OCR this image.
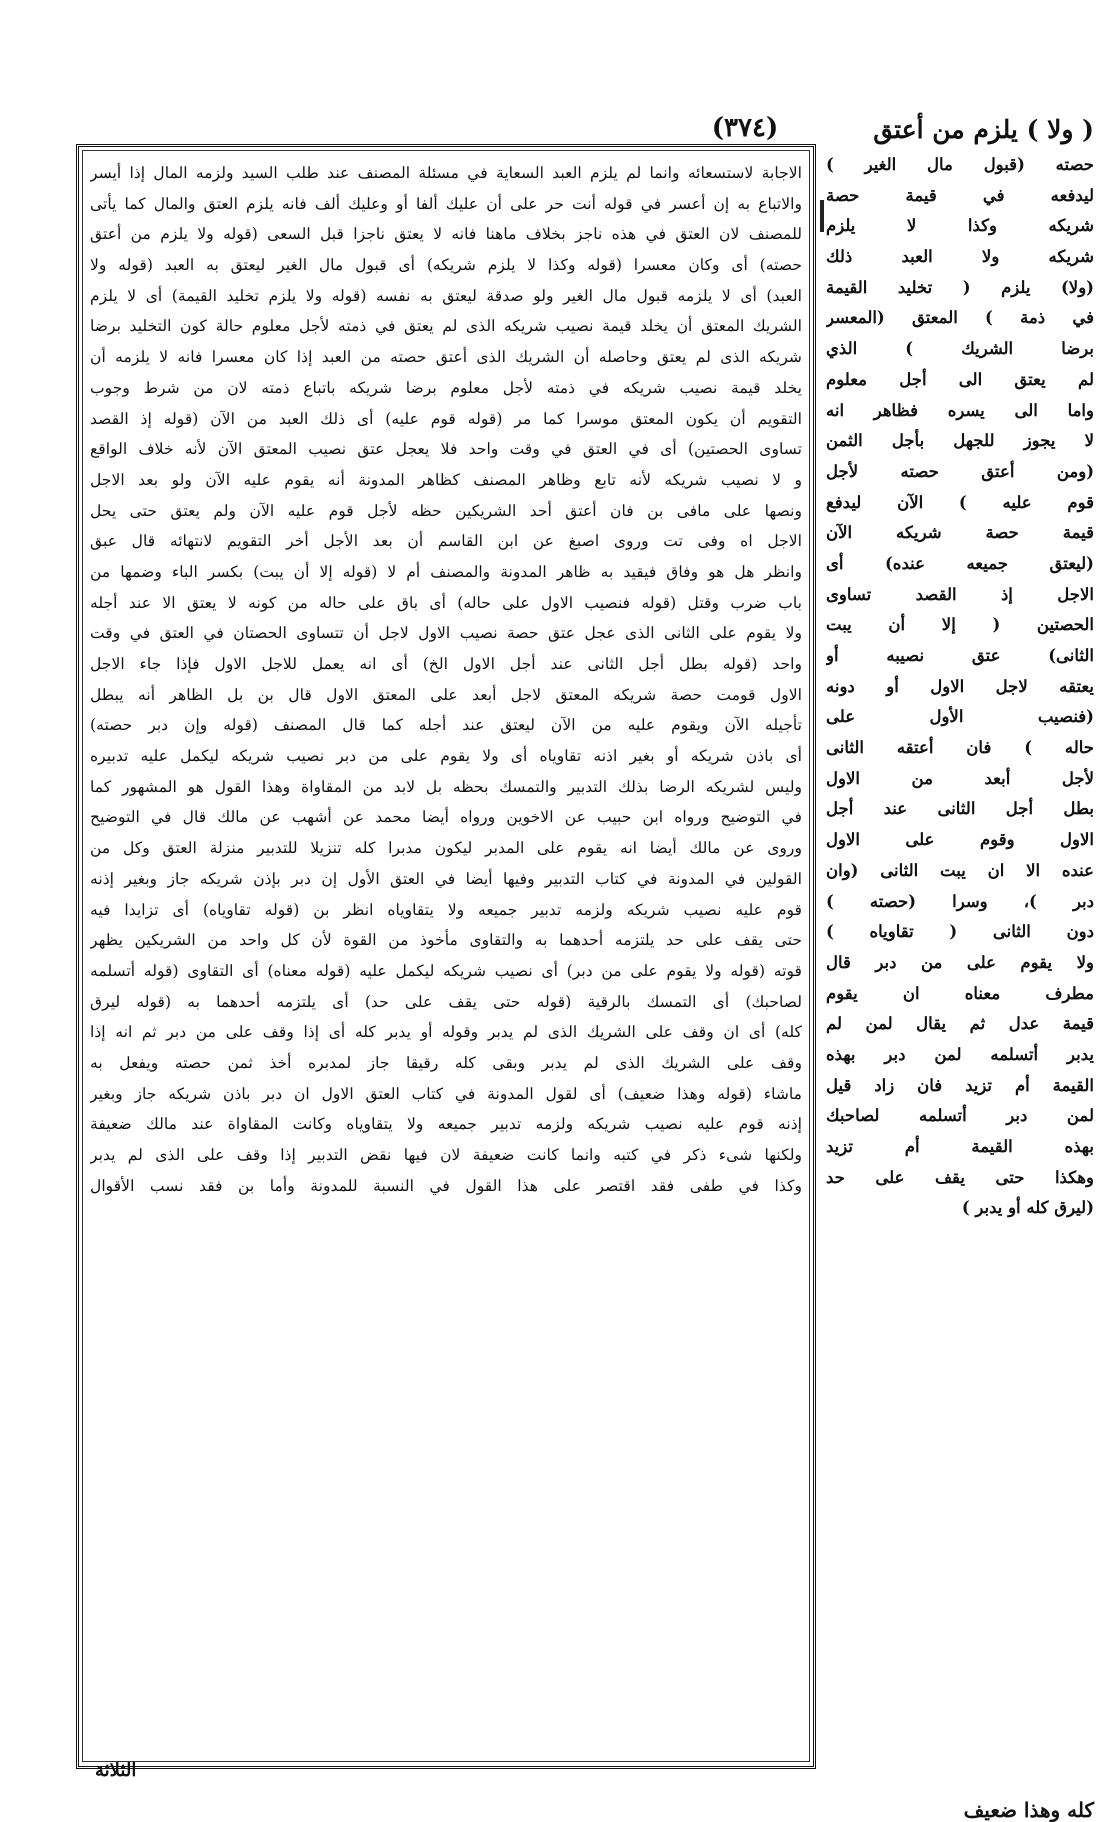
( ولا ) يلزم من أعتق
(٣٧٤)
الاجابة لاستسعائه وانما لم يلزم العبد السعاية في مسئلة المصنف عند طلب السيد ولزمه المال إذا أيسر
والاتباع به إن أعسر في قوله أنت حر على أن عليك ألفا أو وعليك ألف فانه يلزم العتق والمال كما يأتى
للمصنف لان العتق في هذه ناجز بخلاف ماهنا فانه لا يعتق ناجزا قبل السعى (قوله ولا يلزم من أعتق
حصته) أى وكان معسرا (قوله وكذا لا يلزم شريكه) أى قبول مال الغير ليعتق به العبد (قوله ولا
العبد) أى لا يلزمه قبول مال الغير ولو صدقة ليعتق به نفسه (قوله ولا يلزم تخليد القيمة) أى لا يلزم
الشريك المعتق أن يخلد قيمة نصيب شريكه الذى لم يعتق في ذمته لأجل معلوم حالة كون التخليد برضا
شريكه الذى لم يعتق وحاصله أن الشريك الذى أعتق حصته من العبد إذا كان معسرا فانه لا يلزمه أن
يخلد قيمة نصيب شريكه في ذمته لأجل معلوم برضا شريكه باتباع ذمته لان من شرط وجوب
التقويم أن يكون المعتق موسرا كما مر (قوله قوم عليه) أى ذلك العبد من الآن (قوله إذ القصد
تساوى الحصتين) أى في العتق في وقت واحد فلا يعجل عتق نصيب المعتق الآن لأنه خلاف الواقع
و لا نصيب شريكه لأنه تابع وظاهر المصنف كظاهر المدونة أنه يقوم عليه الآن ولو بعد الاجل
ونصها على مافى بن فان أعتق أحد الشريكين حظه لأجل قوم عليه الآن ولم يعتق حتى يحل
الاجل اه وفى تت وروى اصبغ عن ابن القاسم أن بعد الأجل أخر التقويم لانتهائه قال عبق
وانظر هل هو وفاق فيقيد به ظاهر المدونة والمصنف أم لا (قوله إلا أن يبت) بكسر الباء وضمها من
باب ضرب وقتل (قوله فنصيب الاول على حاله) أى باق على حاله من كونه لا يعتق الا عند أجله
ولا يقوم على الثانى الذى عجل عتق حصة نصيب الاول لاجل أن تتساوى الحصتان في العتق في وقت
واحد (قوله بطل أجل الثانى عند أجل الاول الخ) أى انه يعمل للاجل الاول فإذا جاء الاجل
الاول قومت حصة شريكه المعتق لاجل أبعد على المعتق الاول قال بن بل الظاهر أنه يبطل
تأجيله الآن ويقوم عليه من الآن ليعتق عند أجله كما قال المصنف (قوله وإن دبر حصته)
أى باذن شريكه أو بغير اذنه تقاوياه أى ولا يقوم على من دبر نصيب شريكه ليكمل عليه تدبيره
وليس لشريكه الرضا بذلك التدبير والتمسك بحظه بل لابد من المقاواة وهذا القول هو المشهور كما
في التوضيح ورواه ابن حبيب عن الاخوين ورواه أيضا محمد عن أشهب عن مالك قال في التوضيح
وروى عن مالك أيضا انه يقوم على المدبر ليكون مدبرا كله تنزيلا للتدبير منزلة العتق وكل من
القولين في المدونة في كتاب التدبير وفيها أيضا في العتق الأول إن دبر بإذن شريكه جاز وبغير إذنه
قوم عليه نصيب شريكه ولزمه تدبير جميعه ولا يتقاوياه انظر بن (قوله تقاوياه) أى تزايدا فيه
حتى يقف على حد يلتزمه أحدهما به والتقاوى مأخوذ من القوة لأن كل واحد من الشريكين يظهر
قوته (قوله ولا يقوم على من دبر) أى نصيب شريكه ليكمل عليه (قوله معناه) أى التقاوى (قوله أتسلمه
لصاحبك) أى التمسك بالرقية (قوله حتى يقف على حد) أى يلتزمه أحدهما به (قوله ليرق
كله) أى ان وقف على الشريك الذى لم يدبر وقوله أو يدبر كله أى إذا وقف على من دبر ثم انه إذا
وقف على الشريك الذى لم يدبر وبقى كله رقيقا جاز لمدبره أخذ ثمن حصته ويفعل به
ماشاء (قوله وهذا ضعيف) أى لقول المدونة في كتاب العتق الاول ان دبر باذن شريكه جاز وبغير
إذنه قوم عليه نصيب شريكه ولزمه تدبير جميعه ولا يتقاوياه وكانت المقاواة عند مالك ضعيفة
ولكنها شىء ذكر في كتبه وانما كانت ضعيفة لان فيها نقض التدبير إذا وقف على الذى لم يدبر
وكذا في طفى فقد اقتصر على هذا القول في النسبة للمدونة وأما بن فقد نسب الأقوال
حصته (قبول مال الغير )
ليدفعه في قيمة حصة
شريكه وكذا لا يلزم
شريكه ولا العبد ذلك
(ولا) يلزم ( تخليد القيمة
في ذمة ) المعتق (المعسر
برضا الشريك ) الذي
لم يعتق الى أجل معلوم
واما الى يسره فظاهر انه
لا يجوز للجهل بأجل الثمن
(ومن أعتق حصته لأجل
قوم عليه ) الآن ليدفع
قيمة حصة شريكه الآن
(ليعتق جميعه عنده) أى
الاجل إذ القصد تساوى
الحصتين ( إلا أن يبت
الثانى) عتق نصيبه أو
يعتقه لاجل الاول أو دونه
(فنصيب الأول على
حاله ) فان أعتقه الثانى
لأجل أبعد من الاول
بطل أجل الثانى عند أجل
الاول وقوم على الاول
عنده الا ان يبت الثانى (وان
دبر )، وسرا (حصته )
دون الثانى ( تقاوياه )
ولا يقوم على من دبر قال
مطرف معناه ان يقوم
قيمة عدل ثم يقال لمن لم
يدبر أتسلمه لمن دبر بهذه
القيمة أم تزيد فان زاد قيل
لمن دبر أتسلمه لصاحبك
بهذه القيمة أم تزيد
وهكذا حتى يقف على حد
(ليرق كله أو يدبر )
الثلاثة
كله وهذا ضعيف
